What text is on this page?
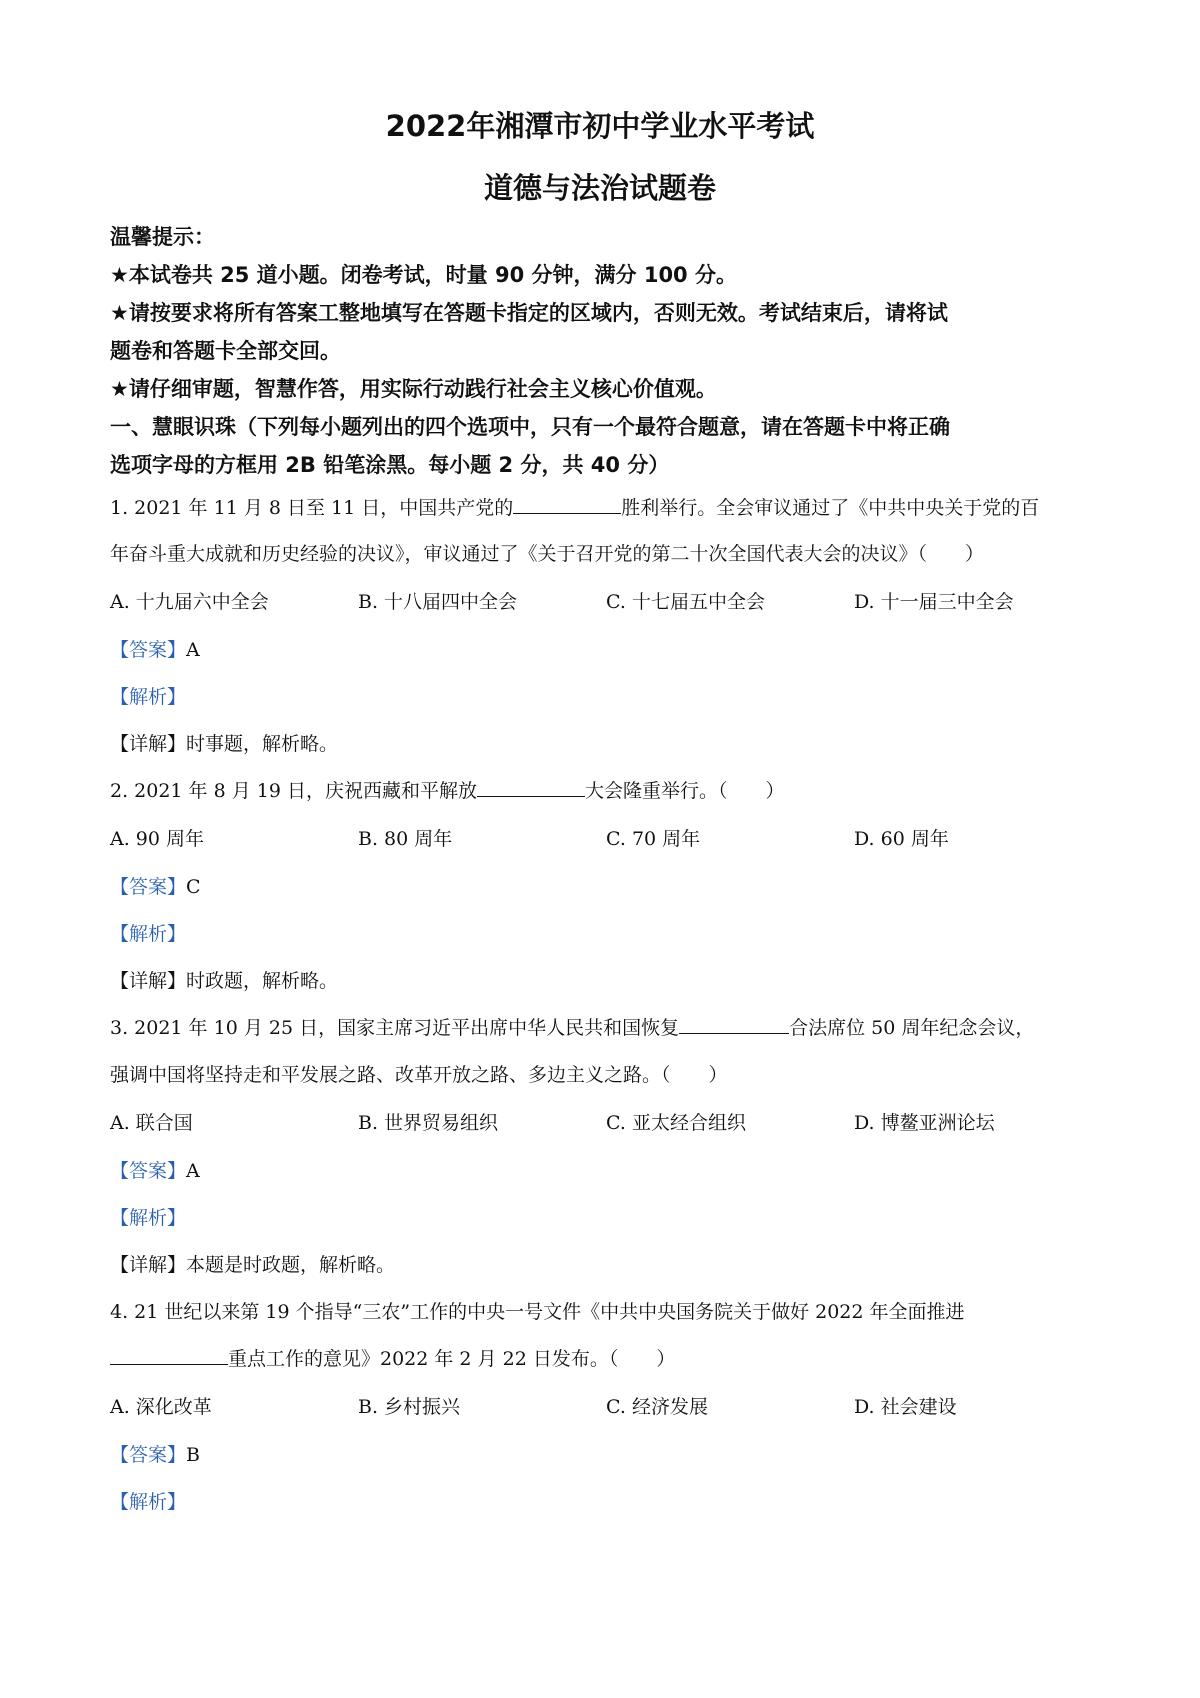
2022年湘潭市初中学业水平考试
道德与法治试题卷
温馨提示：
★本试卷共 25 道小题。闭卷考试，时量 90 分钟，满分 100 分。
★请按要求将所有答案工整地填写在答题卡指定的区域内，否则无效。考试结束后，请将试
题卷和答题卡全部交回。
★请仔细审题，智慧作答，用实际行动践行社会主义核心价值观。
一、慧眼识珠（下列每小题列出的四个选项中，只有一个最符合题意，请在答题卡中将正确
选项字母的方框用 2B 铅笔涂黑。每小题 2 分，共 40 分）
1. 2021 年 11 月 8 日至 11 日，中国共产党的	胜利举行。全会审议通过了《中共中央关于党的百
年奋斗重大成就和历史经验的决议》，审议通过了《关于召开党的第二十次全国代表大会的决议》（　　）
A. 十九届六中全会	B. 十八届四中全会	C. 十七届五中全会	D. 十一届三中全会
【答案】A
【解析】
【详解】时事题，解析略。
2. 2021 年 8 月 19 日，庆祝西藏和平解放	大会隆重举行。（　　）
A. 90 周年	B. 80 周年	C. 70 周年	D. 60 周年
【答案】C
【解析】
【详解】时政题，解析略。
3. 2021 年 10 月 25 日，国家主席习近平出席中华人民共和国恢复	合法席位 50 周年纪念会议，
强调中国将坚持走和平发展之路、改革开放之路、多边主义之路。（　　）
A. 联合国	B. 世界贸易组织	C. 亚太经合组织	D. 博鳌亚洲论坛
【答案】A
【解析】
【详解】本题是时政题，解析略。
4. 21 世纪以来第 19 个指导“三农”工作的中央一号文件《中共中央国务院关于做好 2022 年全面推进
重点工作的意见》2022 年 2 月 22 日发布。（　　）
A. 深化改革	B. 乡村振兴	C. 经济发展	D. 社会建设
【答案】B
【解析】
